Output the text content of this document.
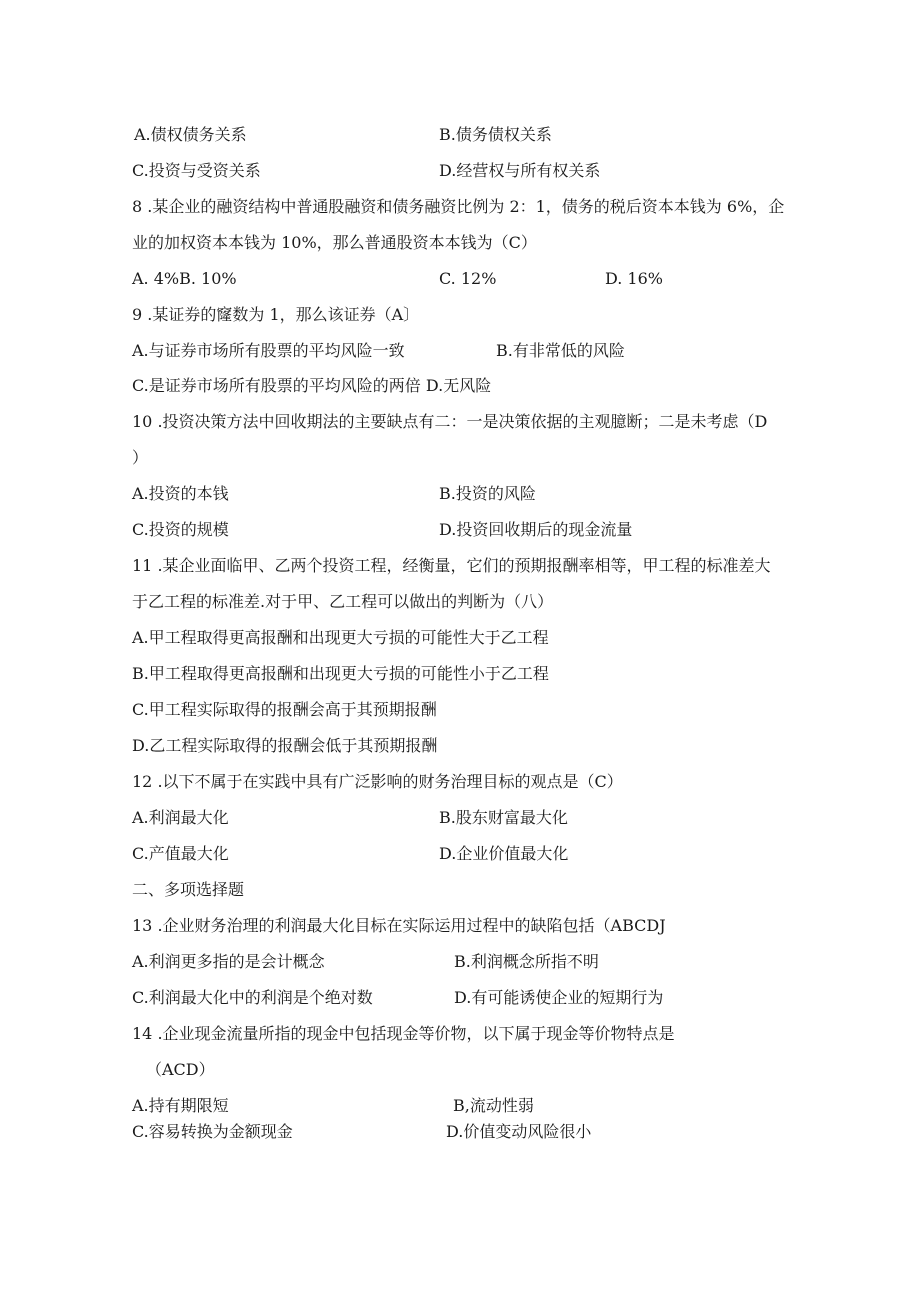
A.债权债务关系	B.债务债权关系
C.投资与受资关系	D.经营权与所有权关系
8 .某企业的融资结构中普通股融资和债务融资比例为 2：1，债务的税后资本本钱为 6%，企
业的加权资本本钱为 10%，那么普通股资本本钱为（C）
A. 4%B. 10%	C. 12%	D. 16%
9 .某证券的窿数为 1，那么该证券（A〕
A.与证券市场所有股票的平均风险一致	B.有非常低的风险
C.是证券市场所有股票的平均风险的两倍 D.无风险
10 .投资决策方法中回收期法的主要缺点有二：一是决策依据的主观臆断；二是未考虑（D
）
A.投资的本钱	B.投资的风险
C.投资的规模	D.投资回收期后的现金流量
11 .某企业面临甲、乙两个投资工程，经衡量，它们的预期报酬率相等，甲工程的标准差大
于乙工程的标准差.对于甲、乙工程可以做出的判断为（八）
A.甲工程取得更高报酬和出现更大亏损的可能性大于乙工程
B.甲工程取得更高报酬和出现更大亏损的可能性小于乙工程
C.甲工程实际取得的报酬会高于其预期报酬
D.乙工程实际取得的报酬会低于其预期报酬
12 .以下不属于在实践中具有广泛影响的财务治理目标的观点是（C）
A.利润最大化	B.股东财富最大化
C.产值最大化	D.企业价值最大化
二、多项选择题
13 .企业财务治理的利润最大化目标在实际运用过程中的缺陷包括（ABCDJ
A.利润更多指的是会计概念	B.利润概念所指不明
C.利润最大化中的利润是个绝对数	D.有可能诱使企业的短期行为
14 .企业现金流量所指的现金中包括现金等价物，以下属于现金等价物特点是
（ACD）
A.持有期限短	B,流动性弱
C.容易转换为金额现金	D.价值变动风险很小
